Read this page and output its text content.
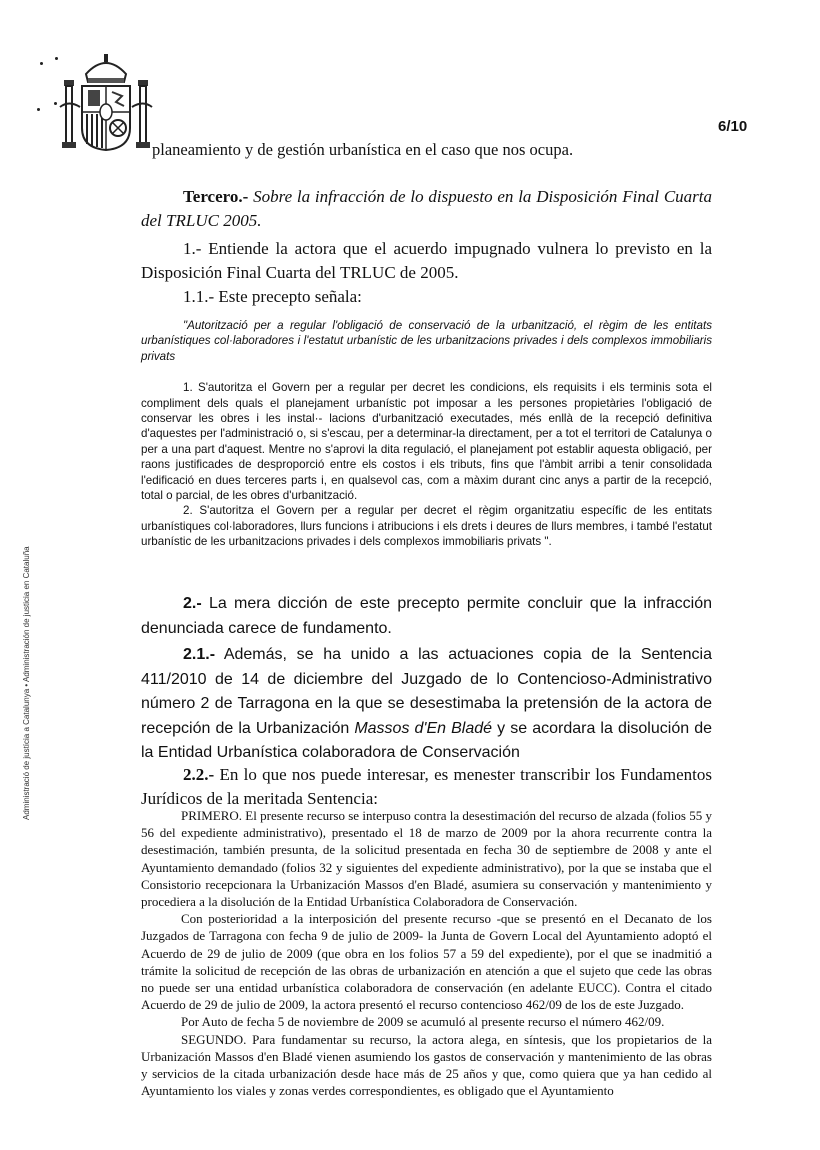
6/10
Administració de justícia a Catalunya • Administración de justicia en Cataluña
planeamiento y de gestión urbanística en el caso que nos ocupa.

Tercero.- Sobre la infracción de lo dispuesto en la Disposición Final Cuarta del TRLUC 2005.

1.- Entiende la actora que el acuerdo impugnado vulnera lo previsto en la Disposición Final Cuarta del TRLUC de 2005.

1.1.- Este precepto señala:

"Autorització per a regular l'obligació de conservació de la urbanització, el règim de les entitats urbanístiques col·laboradores i l'estatut urbanístic de les urbanitzacions privades i dels complexos immobiliaris privats

1. S'autoritza el Govern per a regular per decret les condicions, els requisits i els terminis sota el compliment dels quals el planejament urbanístic pot imposar a les persones propietàries l'obligació de conservar les obres i les instal·- lacions d'urbanització executades, més enllà de la recepció definitiva d'aquestes per l'administració o, si s'escau, per a determinar-la directament, per a tot el territori de Catalunya o per a una part d'aquest. Mentre no s'aprovi la dita regulació, el planejament pot establir aquesta obligació, per raons justificades de desproporció entre els costos i els tributs, fins que l'àmbit arribi a tenir consolidada l'edificació en dues terceres parts i, en qualsevol cas, com a màxim durant cinc anys a partir de la recepció, total o parcial, de les obres d'urbanització.

2. S'autoritza el Govern per a regular per decret el règim organitzatiu específic de les entitats urbanístiques col·laboradores, llurs funcions i atribucions i els drets i deures de llurs membres, i també l'estatut urbanístic de les urbanitzacions privades i dels complexos immobiliaris privats ".

2.- La mera dicción de este precepto permite concluir que la infracción denunciada carece de fundamento.

2.1.- Además, se ha unido a las actuaciones copia de la Sentencia 411/2010 de 14 de diciembre del Juzgado de lo Contencioso-Administrativo número 2 de Tarragona en la que se desestimaba la pretensión de la actora de recepción de la Urbanización Massos d'En Bladé y se acordara la disolución de la Entidad Urbanística colaboradora de Conservación

2.2.- En lo que nos puede interesar, es menester transcribir los Fundamentos Jurídicos de la meritada Sentencia:

PRIMERO. El presente recurso se interpuso contra la desestimación del recurso de alzada (folios 55 y 56 del expediente administrativo), presentado el 18 de marzo de 2009 por la ahora recurrente contra la desestimación, también presunta, de la solicitud presentada en fecha 30 de septiembre de 2008 y ante el Ayuntamiento demandado (folios 32 y siguientes del expediente administrativo), por la que se instaba que el Consistorio recepcionara la Urbanización Massos d'en Bladé, asumiera su conservación y mantenimiento y procediera a la disolución de la Entidad Urbanística Colaboradora de Conservación.

Con posterioridad a la interposición del presente recurso -que se presentó en el Decanato de los Juzgados de Tarragona con fecha 9 de julio de 2009- la Junta de Govern Local del Ayuntamiento adoptó el Acuerdo de 29 de julio de 2009 (que obra en los folios 57 a 59 del expediente), por el que se inadmitió a trámite la solicitud de recepción de las obras de urbanización en atención a que el sujeto que cede las obras no puede ser una entidad urbanística colaboradora de conservación (en adelante EUCC). Contra el citado Acuerdo de 29 de julio de 2009, la actora presentó el recurso contencioso 462/09 de los de este Juzgado.

Por Auto de fecha 5 de noviembre de 2009 se acumuló al presente recurso el número 462/09.

SEGUNDO. Para fundamentar su recurso, la actora alega, en síntesis, que los propietarios de la Urbanización Massos d'en Bladé vienen asumiendo los gastos de conservación y mantenimiento de las obras y servicios de la citada urbanización desde hace más de 25 años y que, como quiera que ya han cedido al Ayuntamiento los viales y zonas verdes correspondientes, es obligado que el Ayuntamiento
